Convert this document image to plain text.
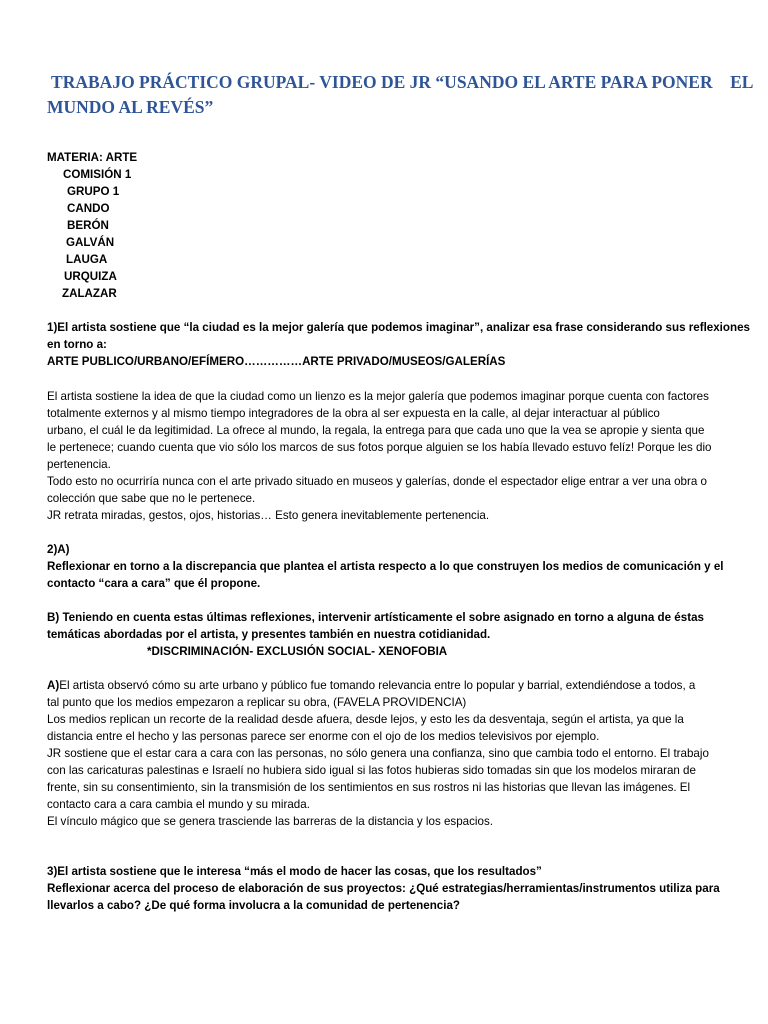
TRABAJO PRÁCTICO GRUPAL- VIDEO DE JR “USANDO EL ARTE PARA PONER    EL
MUNDO AL REVÉS”
MATERIA: ARTE
COMISIÓN 1
GRUPO 1
CANDO
BERÓN
GALVÁN
LAUGA
URQUIZA
ZALAZAR
1)El artista sostiene que “la ciudad es la mejor galería que podemos imaginar”, analizar esa frase considerando sus reflexiones
en torno a:
ARTE PUBLICO/URBANO/EFÍMERO……………ARTE PRIVADO/MUSEOS/GALERÍAS
El artista sostiene la idea de que la ciudad como un lienzo es la mejor galería que podemos imaginar porque cuenta con factores
totalmente externos y al mismo tiempo integradores de la obra al ser expuesta en la calle, al dejar interactuar al público
urbano, el cuál le da legitimidad. La ofrece al mundo, la regala, la entrega para que cada uno que la vea se apropie y sienta que
le pertenece; cuando cuenta que vio sólo los marcos de sus fotos porque alguien se los había llevado estuvo felíz! Porque les dio
pertenencia.
Todo esto no ocurriría nunca con el arte privado situado en museos y galerías, donde el espectador elige entrar a ver una obra o
colección que sabe que no le pertenece.
JR retrata miradas, gestos, ojos, historias… Esto genera inevitablemente pertenencia.
2)A)
Reflexionar en torno a la discrepancia que plantea el artista respecto a lo que construyen los medios de comunicación y el
contacto “cara a cara” que él propone.
B) Teniendo en cuenta estas últimas reflexiones, intervenir artísticamente el sobre asignado en torno a alguna de éstas
temáticas abordadas por el artista, y presentes también en nuestra cotidianidad.
*DISCRIMINACIÓN- EXCLUSIÓN SOCIAL- XENOFOBIA
A)El artista observó cómo su arte urbano y público fue tomando relevancia entre lo popular y barrial, extendiéndose a todos, a
tal punto que los medios empezaron a replicar su obra, (FAVELA PROVIDENCIA)
Los medios replican un recorte de la realidad desde afuera, desde lejos, y esto les da desventaja, según el artista, ya que la
distancia entre el hecho y las personas parece ser enorme con el ojo de los medios televisivos por ejemplo.
JR sostiene que el estar cara a cara con las personas, no sólo genera una confianza, sino que cambia todo el entorno. El trabajo
con las caricaturas palestinas e Israelí no hubiera sido igual si las fotos hubieras sido tomadas sin que los modelos miraran de
frente, sin su consentimiento, sin la transmisión de los sentimientos en sus rostros ni las historias que llevan las imágenes. El
contacto cara a cara cambia el mundo y su mirada.
El vínculo mágico que se genera trasciende las barreras de la distancia y los espacios.
3)El artista sostiene que le interesa “más el modo de hacer las cosas, que los resultados”
Reflexionar acerca del proceso de elaboración de sus proyectos: ¿Qué estrategias/herramientas/instrumentos utiliza para
llevarlos a cabo? ¿De qué forma involucra a la comunidad de pertenencia?
